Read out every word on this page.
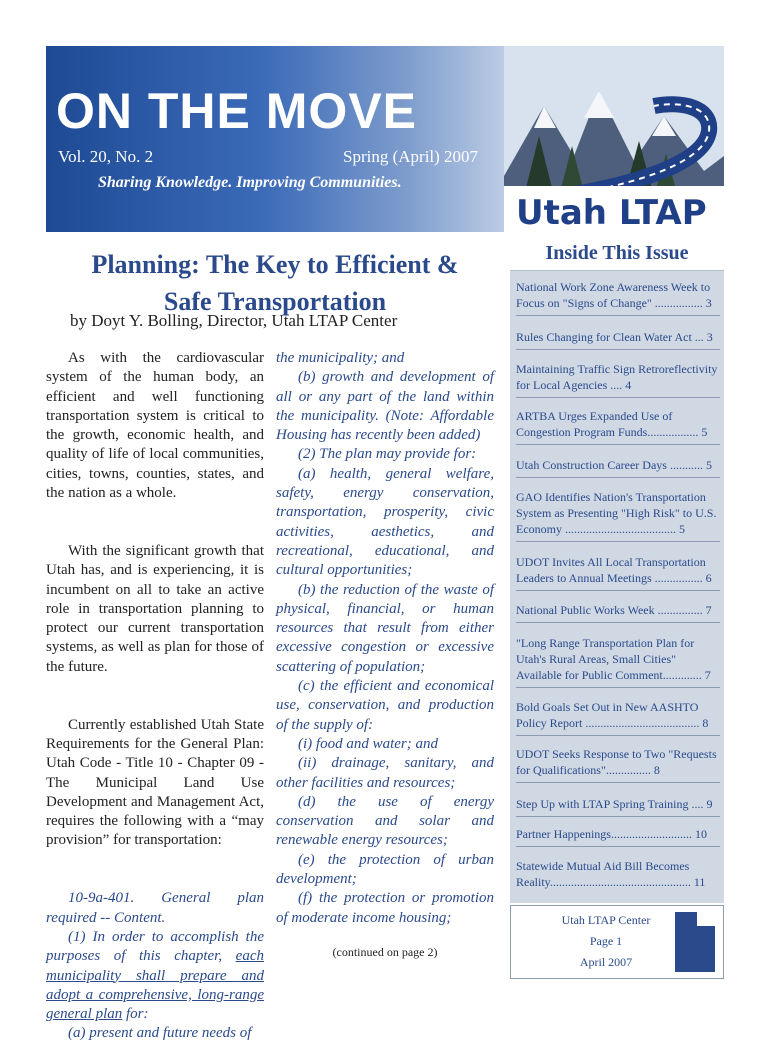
ON THE MOVE
Vol. 20, No. 2	Spring (April) 2007
Sharing Knowledge. Improving Communities.
Utah LTAP
Planning: The Key to Efficient &
Safe Transportation

by Doyt Y. Bolling, Director, Utah LTAP Center

As with the cardiovascular system of the human body, an efficient and well functioning transportation system is critical to the growth, economic health, and quality of life of local communities, cities, towns, counties, states, and the nation as a whole.

With the significant growth that Utah has, and is experiencing, it is incumbent on all to take an active role in transportation planning to protect our current transportation systems, as well as plan for those of the future.

Currently established Utah State Requirements for the General Plan: Utah Code - Title 10 - Chapter 09 -The Municipal Land Use Development and Management Act, requires the following with a “may provision” for transportation:

10-9a-401. General plan required -- Content.

(1) In order to accomplish the purposes of this chapter, each municipality shall prepare and adopt a comprehensive, long-range general plan for:

(a) present and future needs of

the municipality; and

(b) growth and development of all or any part of the land within the municipality. (Note: Affordable Housing has recently been added)

(2) The plan may provide for:

(a) health, general welfare, safety, energy conservation, transportation, prosperity, civic activities, aesthetics, and recreational, educational, and cultural opportunities;

(b) the reduction of the waste of physical, financial, or human resources that result from either excessive congestion or excessive scattering of population;

(c) the efficient and economical use, conservation, and production of the supply of:

(i) food and water; and

(ii) drainage, sanitary, and other facilities and resources;

(d) the use of energy conservation and solar and renewable energy resources;

(e) the protection of urban development;

(f) the protection or promotion of moderate income housing;

(continued on page 2)
Inside This Issue
National Work Zone Awareness Week to Focus on "Signs of Change" ................ 3
Rules Changing for Clean Water Act ... 3
Maintaining Traffic Sign Retroreflectivity for Local Agencies .... 4
ARTBA Urges Expanded Use of Congestion Program Funds................. 5
Utah Construction Career Days ........... 5
GAO Identifies Nation's Transportation System as Presenting "High Risk" to U.S. Economy ..................................... 5
UDOT Invites All Local Transportation Leaders to Annual Meetings ................ 6
National Public Works Week ............... 7
"Long Range Transportation Plan for Utah's Rural Areas, Small Cities" Available for Public Comment............. 7
Bold Goals Set Out in New AASHTO Policy Report ...................................... 8
UDOT Seeks Response to Two "Requests for Qualifications"............... 8
Step Up with LTAP Spring Training .... 9
Partner Happenings........................... 10
Statewide Mutual Aid Bill Becomes Reality............................................... 11
Utah LTAP Center
Page 1
April 2007
